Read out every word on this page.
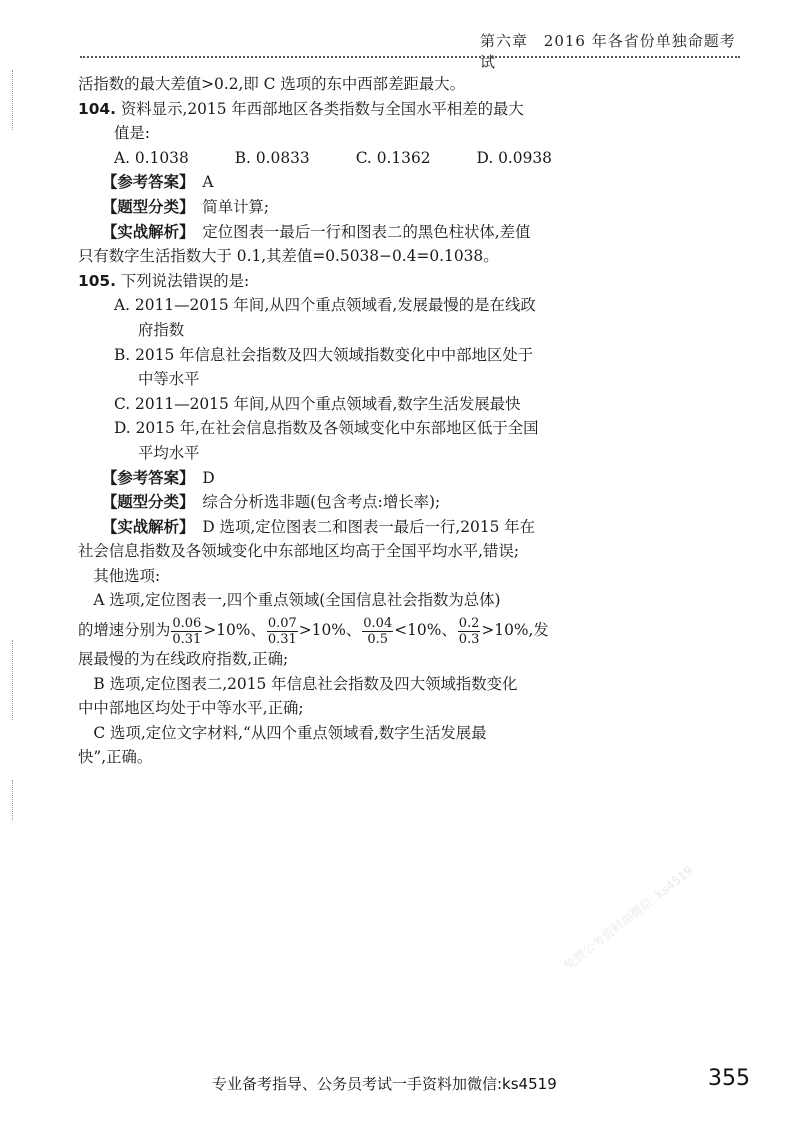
第六章 2016 年各省份单独命题考试

活指数的最大差值>0.2,即 C 选项的东中西部差距最大。

104. 资料显示,2015 年西部地区各类指数与全国水平相差的最大

值是:

A. 0.1038	B. 0.0833	C. 0.1362	D. 0.0938

【参考答案】 A

【题型分类】 简单计算;

【实战解析】 定位图表一最后一行和图表二的黑色柱状体,差值

只有数字生活指数大于 0.1,其差值=0.5038−0.4=0.1038。

105. 下列说法错误的是:

A. 2011—2015 年间,从四个重点领域看,发展最慢的是在线政
府指数
B. 2015 年信息社会指数及四大领域指数变化中中部地区处于
中等水平
C. 2011—2015 年间,从四个重点领域看,数字生活发展最快
D. 2015 年,在社会信息指数及各领域变化中东部地区低于全国
平均水平

【参考答案】 D

【题型分类】 综合分析选非题(包含考点:增长率);

【实战解析】 D 选项,定位图表二和图表一最后一行,2015 年在

社会信息指数及各领域变化中东部地区均高于全国平均水平,错误;

其他选项:

A 选项,定位图表一,四个重点领域(全国信息社会指数为总体)

的增速分别为 $\frac{0.06}{0.31} >10\%$、 $\frac{0.07}{0.31} >10\%$、 $\frac{0.04}{0.5} <10\%$、 $\frac{0.2}{0.3} >10\%$,发

展最慢的为在线政府指数,正确;

B 选项,定位图表二,2015 年信息社会指数及四大领域指数变化

中中部地区均处于中等水平,正确;

C 选项,定位文字材料,“从四个重点领域看,数字生活发展最

快”,正确。

免费公考资料加微信: ks4519
专业备考指导、公务员考试一手资料加微信:ks4519	355
